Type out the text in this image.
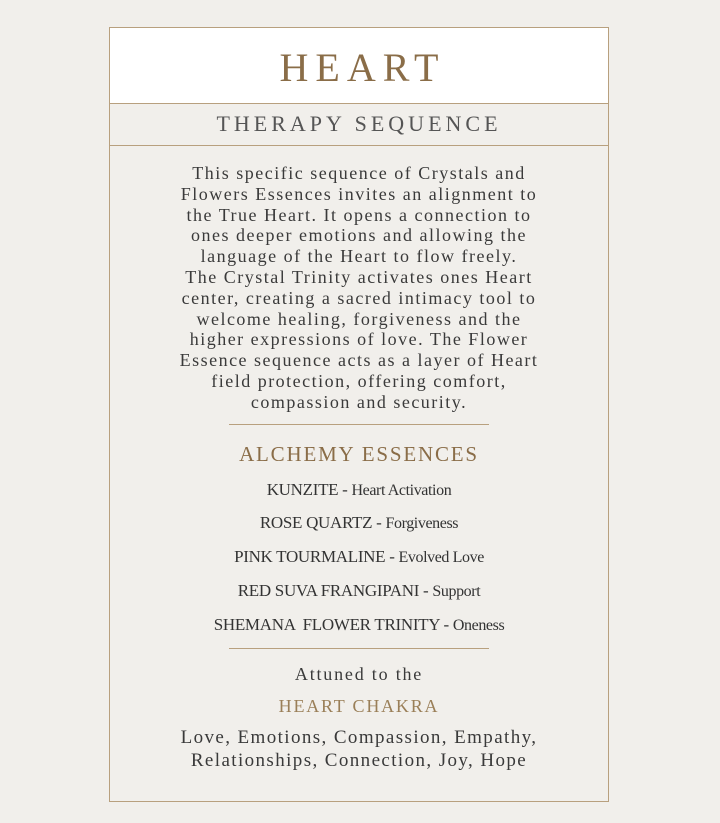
HEART
THERAPY SEQUENCE
This specific sequence of Crystals and
Flowers Essences invites an alignment to
the True Heart. It opens a connection to
ones deeper emotions and allowing the
language of the Heart to flow freely.
The Crystal Trinity activates ones Heart
center, creating a sacred intimacy tool to
welcome healing, forgiveness and the
higher expressions of love. The Flower
Essence sequence acts as a layer of Heart
field protection, offering comfort,
compassion and security.
ALCHEMY ESSENCES
KUNZITE - Heart Activation
ROSE QUARTZ - Forgiveness
PINK TOURMALINE - Evolved Love
RED SUVA FRANGIPANI - Support
SHEMANA  FLOWER TRINITY - Oneness
Attuned to the
HEART CHAKRA
Love, Emotions, Compassion, Empathy,
Relationships, Connection, Joy, Hope
